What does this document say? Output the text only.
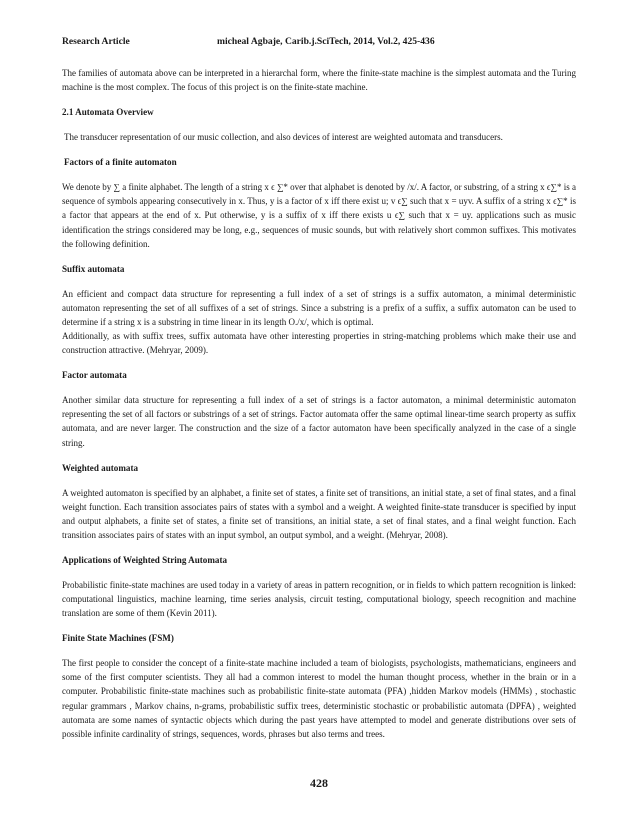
Research Article	micheal Agbaje, Carib.j.SciTech, 2014, Vol.2, 425-436

The families of automata above can be interpreted in a hierarchal form, where the finite-state machine is the simplest automata and the Turing machine is the most complex. The focus of this project is on the finite-state machine.

2.1 Automata Overview

The transducer representation of our music collection, and also devices of interest are weighted automata and transducers.

Factors of a finite automaton

We denote by ∑ a finite alphabet. The length of a string x ϵ ∑* over that alphabet is denoted by /x/. A factor, or substring, of a string x ϵ∑* is a sequence of symbols appearing consecutively in x. Thus, y is a factor of x iff there exist u; v ϵ∑ such that x = uyv. A suffix of a string x ϵ∑* is a factor that appears at the end of x. Put otherwise, y is a suffix of x iff there exists u ϵ∑ such that x = uy. applications such as music identification the strings considered may be long, e.g., sequences of music sounds, but with relatively short common suffixes. This motivates the following definition.

Suffix automata

An efficient and compact data structure for representing a full index of a set of strings is a suffix automaton, a minimal deterministic automaton representing the set of all suffixes of a set of strings. Since a substring is a prefix of a suffix, a suffix automaton can be used to determine if a string x is a substring in time linear in its length O./x/, which is optimal.

Additionally, as with suffix trees, suffix automata have other interesting properties in string-matching problems which make their use and construction attractive. (Mehryar, 2009).

Factor automata

Another similar data structure for representing a full index of a set of strings is a factor automaton, a minimal deterministic automaton representing the set of all factors or substrings of a set of strings. Factor automata offer the same optimal linear-time search property as suffix automata, and are never larger. The construction and the size of a factor automaton have been specifically analyzed in the case of a single string.

Weighted automata

A weighted automaton is specified by an alphabet, a finite set of states, a finite set of transitions, an initial state, a set of final states, and a final weight function. Each transition associates pairs of states with a symbol and a weight. A weighted finite-state transducer is specified by input and output alphabets, a finite set of states, a finite set of transitions, an initial state, a set of final states, and a final weight function. Each transition associates pairs of states with an input symbol, an output symbol, and a weight. (Mehryar, 2008).

Applications of Weighted String Automata

Probabilistic finite-state machines are used today in a variety of areas in pattern recognition, or in fields to which pattern recognition is linked: computational linguistics, machine learning, time series analysis, circuit testing, computational biology, speech recognition and machine translation are some of them (Kevin 2011).

Finite State Machines (FSM)

The first people to consider the concept of a finite-state machine included a team of biologists, psychologists, mathematicians, engineers and some of the first computer scientists. They all had a common interest to model the human thought process, whether in the brain or in a computer. Probabilistic finite-state machines such as probabilistic finite-state automata (PFA) ,hidden Markov models (HMMs) , stochastic regular grammars , Markov chains, n-grams, probabilistic suffix trees, deterministic stochastic or probabilistic automata (DPFA) , weighted automata are some names of syntactic objects which during the past years have attempted to model and generate distributions over sets of possible infinite cardinality of strings, sequences, words, phrases but also terms and trees.

428
